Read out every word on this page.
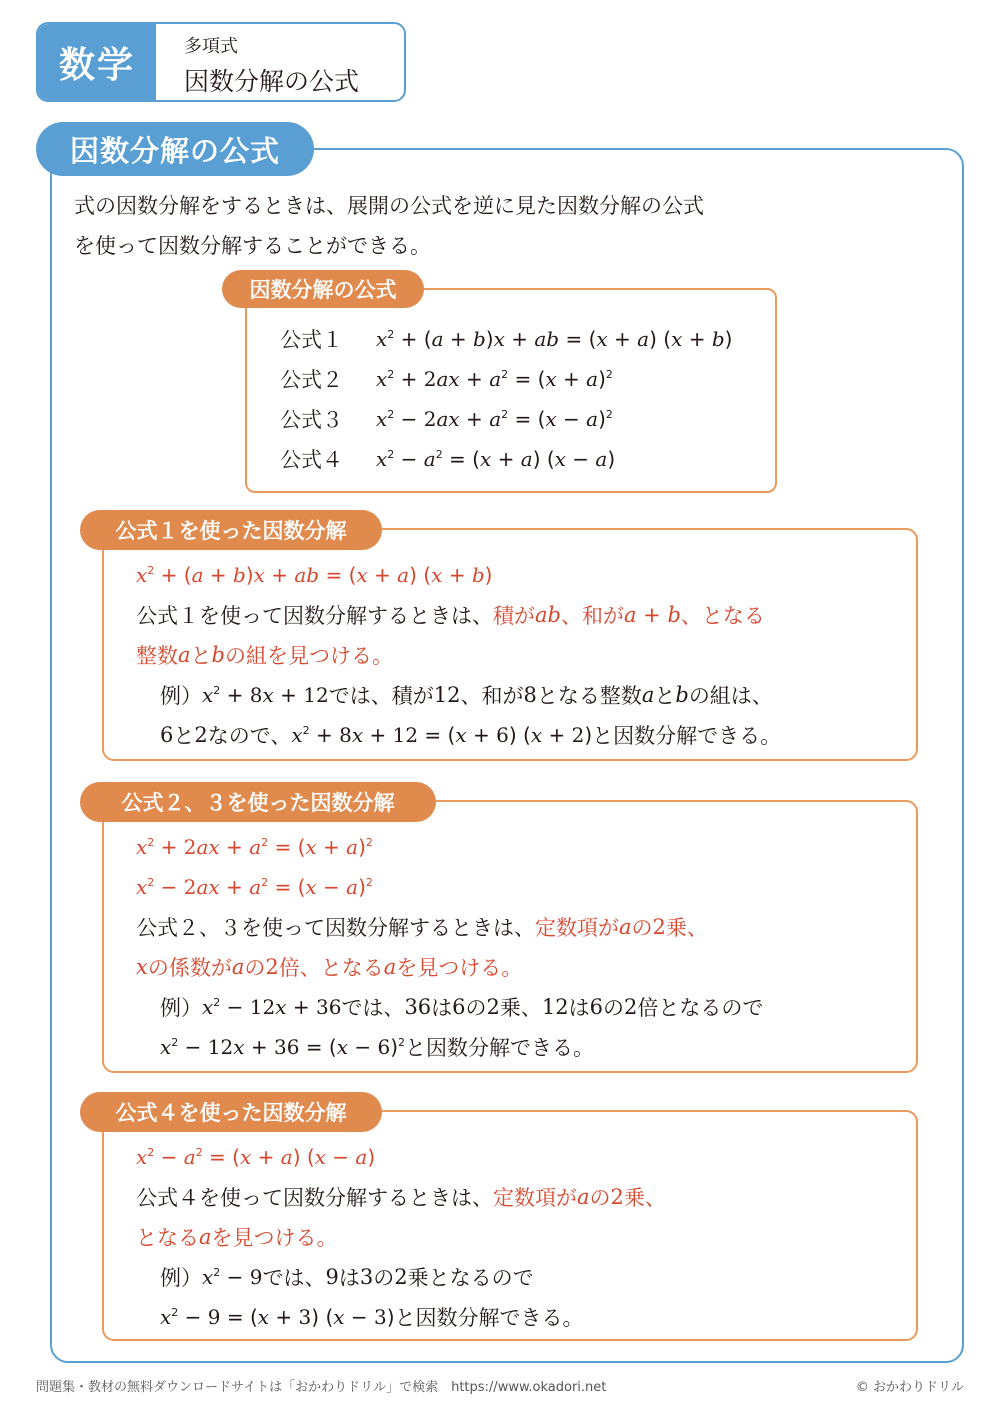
数学	多項式
因数分解の公式
因数分解の公式
式の因数分解をするときは、展開の公式を逆に見た因数分解の公式
を使って因数分解することができる。
因数分解の公式
公式１	$x^2 + (a + b)x$ + ab = (x + a) (x + b)
公式２	$x^2 + 2ax + a^2 = (x + a)^2$
公式３	$x^2 - 2ax + a^2 = (x - a)^2$
公式４	$x^2 - a^2 = (x + a) (x - a)$
公式１を使った因数分解
$x^2 + (a + b)x$ + ab = (x + a) (x + b)
公式１を使って因数分解するときは、 積が ab 、和が a + b 、となる
整数 a と b の組を見つける。
例） $x^2 + 8x + 12$ では、積が 12 、和が 8 となる整数 a と b の組は、
6 と 2 なので、 $x^2 + 8x + 12 = (x + 6) (x + 2)$ と因数分解できる。
公式２、３を使った因数分解
$x^2 + 2ax + a^2 = (x + a)^2$
$x^2 - 2ax + a^2 = (x - a)^2$
公式２、３を使って因数分解するときは、 定数項が a の 2 乗、
x の係数が a の 2 倍、となる a を見つける。
例） $x^2 - 12x + 36$ では、 36 は 6 の 2 乗、 12 は 6 の 2 倍となるので
$x^2 - 12x + 36 = (x - 6)^2$ と因数分解できる。
公式４を使った因数分解
$x^2 - a^2 = (x + a) (x - a)$
公式４を使って因数分解するときは、 定数項が a の 2 乗、
となる a を見つける。
例） $x^2 - 9$ では、 9 は 3 の 2 乗となるので
$x^2 - 9 = (x + 3) (x - 3)$ と因数分解できる。
問題集・教材の無料ダウンロードサイトは「おかわりドリル」で検索　https://www.okadori.net	© おかわりドリル
